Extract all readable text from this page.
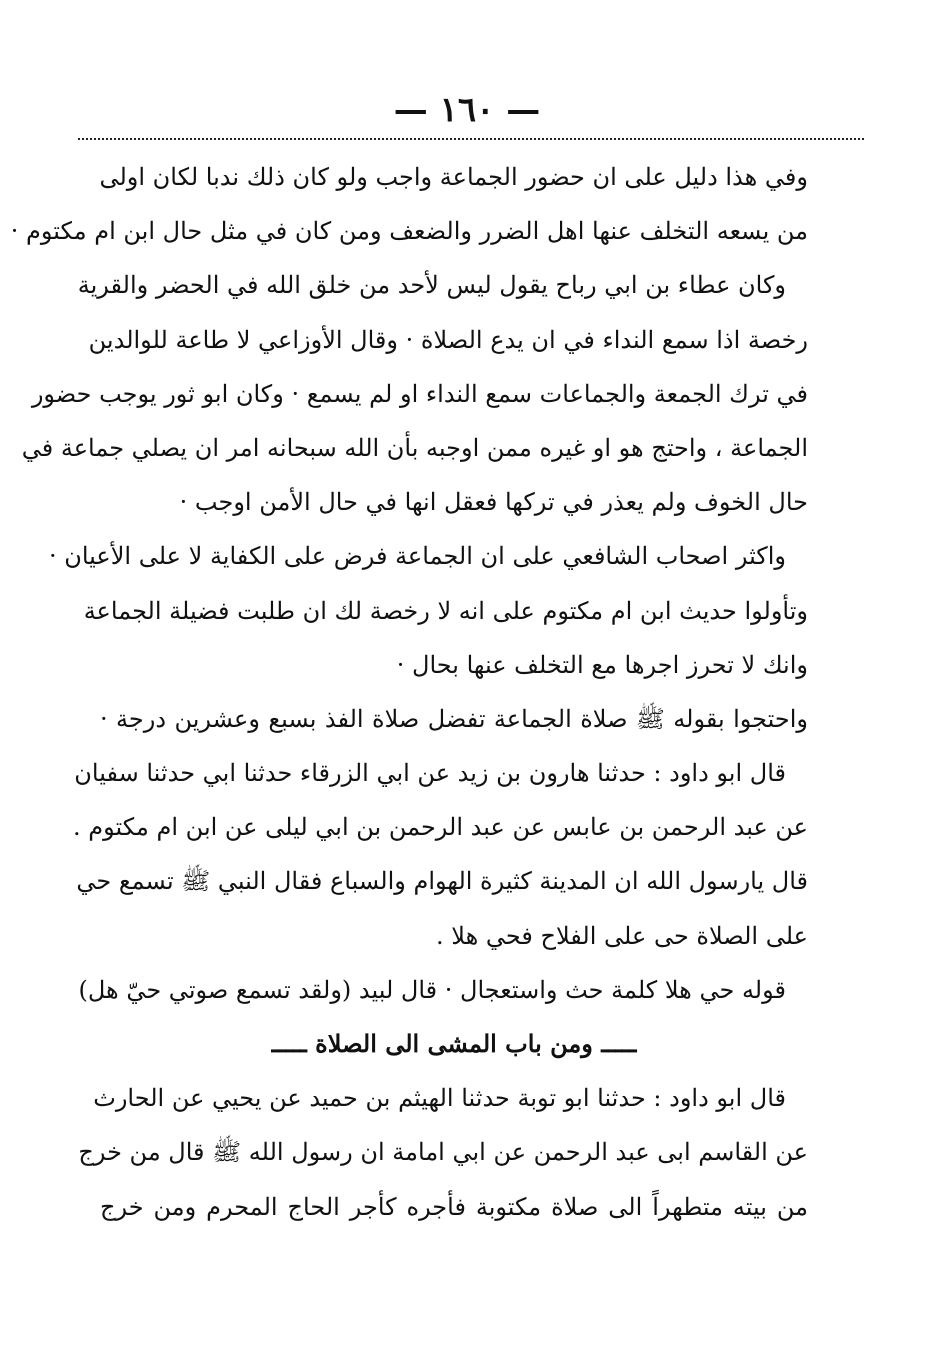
— ١٦٠ —
وفي هذا دليل على ان حضور الجماعة واجب ولو كان ذلك ندبا لكان اولى
من يسعه التخلف عنها اهل الضرر والضعف ومن كان في مثل حال ابن ام مكتوم ·
وكان عطاء بن ابي رباح يقول ليس لأحد من خلق الله في الحضر والقرية
رخصة اذا سمع النداء في ان يدع الصلاة · وقال الأوزاعي لا طاعة للوالدين
في ترك الجمعة والجماعات سمع النداء او لم يسمع · وكان ابو ثور يوجب حضور
الجماعة ، واحتج هو او غيره ممن اوجبه بأن الله سبحانه امر ان يصلي جماعة في
حال الخوف ولم يعذر في تركها فعقل انها في حال الأمن اوجب ·
واكثر اصحاب الشافعي على ان الجماعة فرض على الكفاية لا على الأعيان ·
وتأولوا حديث ابن ام مكتوم على انه لا رخصة لك ان طلبت فضيلة الجماعة
وانك لا تحرز اجرها مع التخلف عنها بحال ·
واحتجوا بقوله ﷺ صلاة الجماعة تفضل صلاة الفذ بسبع وعشرين درجة ·
قال ابو داود : حدثنا هارون بن زيد عن ابي الزرقاء حدثنا ابي حدثنا سفيان
عن عبد الرحمن بن عابس عن عبد الرحمن بن ابي ليلى عن ابن ام مكتوم .
قال يارسول الله ان المدينة كثيرة الهوام والسباع فقال النبي ﷺ تسمع حي
على الصلاة حى على الفلاح فحي هلا .
قوله حي هلا كلمة حث واستعجال · قال لبيد (ولقد تسمع صوتي حيّ هل)
ـــــ ومن باب المشى الى الصلاة ـــــ
قال ابو داود : حدثنا ابو توبة حدثنا الهيثم بن حميد عن يحيي عن الحارث
عن القاسم ابى عبد الرحمن عن ابي امامة ان رسول الله ﷺ قال من خرج
من بيته متطهراً الى صلاة مكتوبة فأجره كأجر الحاج المحرم ومن خرج
